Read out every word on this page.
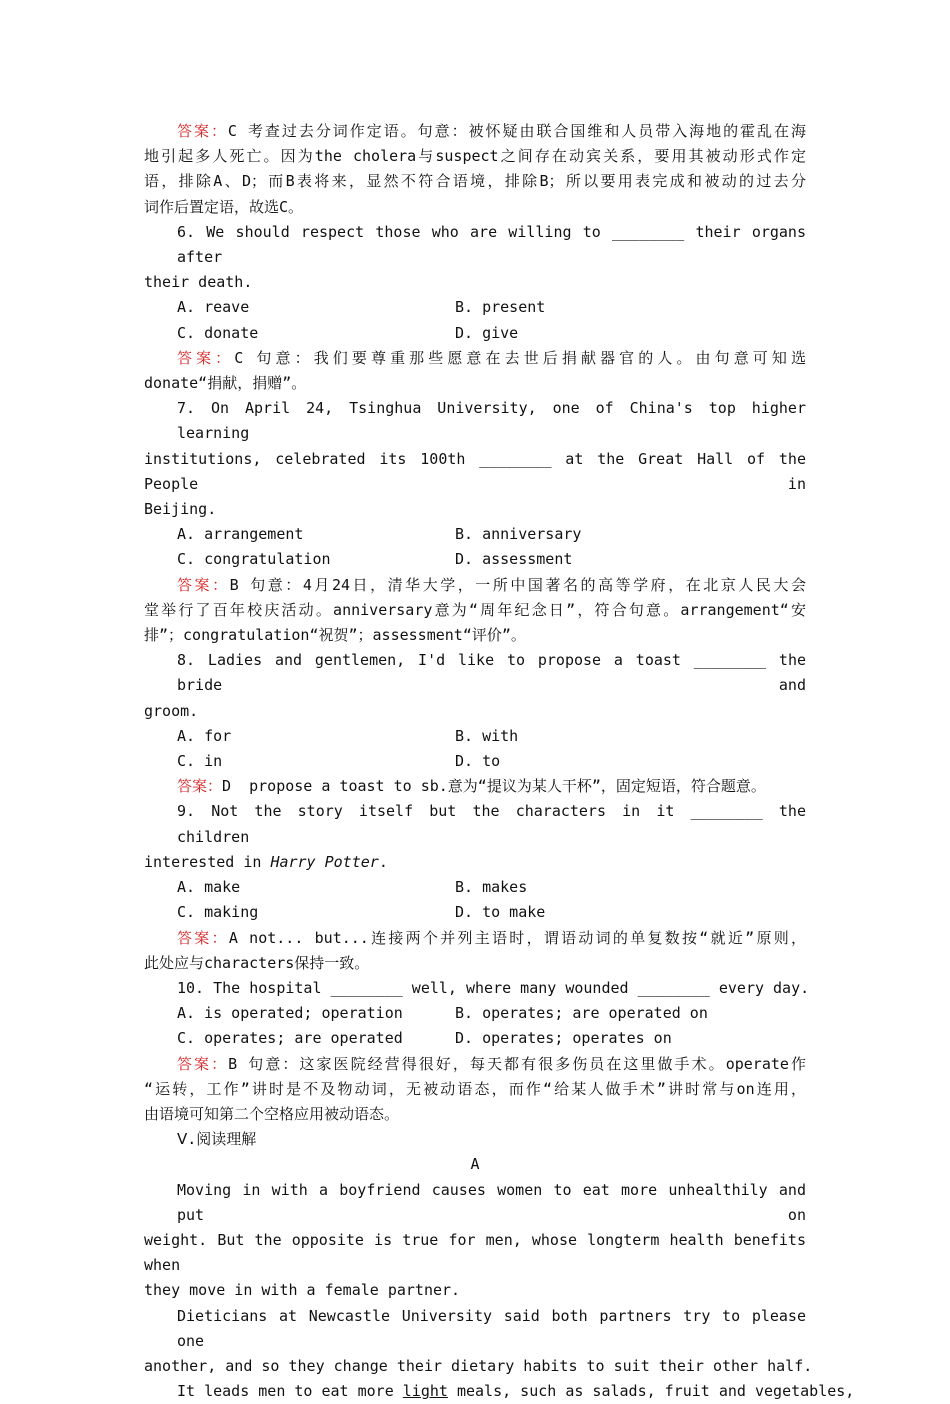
答案：C 考查过去分词作定语。句意：被怀疑由联合国维和人员带入海地的霍乱在海
地引起多人死亡。因为the cholera与suspect之间存在动宾关系，要用其被动形式作定
语，排除A、D；而B表将来，显然不符合语境，排除B；所以要用表完成和被动的过去分
词作后置定语，故选C。
6. We should respect those who are willing to ________ their organs after
their death.
A. reave	B. present
C. donate	D. give
答案：C 句意：我们要尊重那些愿意在去世后捐献器官的人。由句意可知选
donate“捐献，捐赠”。
7. On April 24, Tsinghua University, one of China's top higher learning
institutions, celebrated its 100th ________ at the Great Hall of the People in
Beijing.
A. arrangement	B. anniversary
C. congratulation	D. assessment
答案：B 句意：4月24日，清华大学，一所中国著名的高等学府，在北京人民大会
堂举行了百年校庆活动。anniversary意为“周年纪念日”，符合句意。arrangement“安
排”；congratulation“祝贺”；assessment“评价”。
8. Ladies and gentlemen, I'd like to propose a toast ________ the bride and
groom.
A. for	B. with
C. in	D. to
答案：D  propose a toast to sb.意为“提议为某人干杯”，固定短语，符合题意。
9. Not the story itself but the characters in it ________ the children
interested in Harry Potter.
A. make	B. makes
C. making	D. to make
答案：A not... but...连接两个并列主语时，谓语动词的单复数按“就近”原则，
此处应与characters保持一致。
10. The hospital ________ well, where many wounded ________ every day.
A. is operated; operation	B. operates; are operated on
C. operates; are operated	D. operates; operates on
答案：B 句意：这家医院经营得很好，每天都有很多伤员在这里做手术。operate作
“运转，工作”讲时是不及物动词，无被动语态，而作“给某人做手术”讲时常与on连用，
由语境可知第二个空格应用被动语态。
Ⅴ.阅读理解
A
Moving in with a boyfriend causes women to eat more unhealthily and put on
weight. But the opposite is true for men, whose longterm health benefits when
they move in with a female partner.
Dieticians at Newcastle University said both partners try to please one
another, and so they change their dietary habits to suit their other half.
It leads men to eat more light meals, such as salads, fruit and vegetables,
